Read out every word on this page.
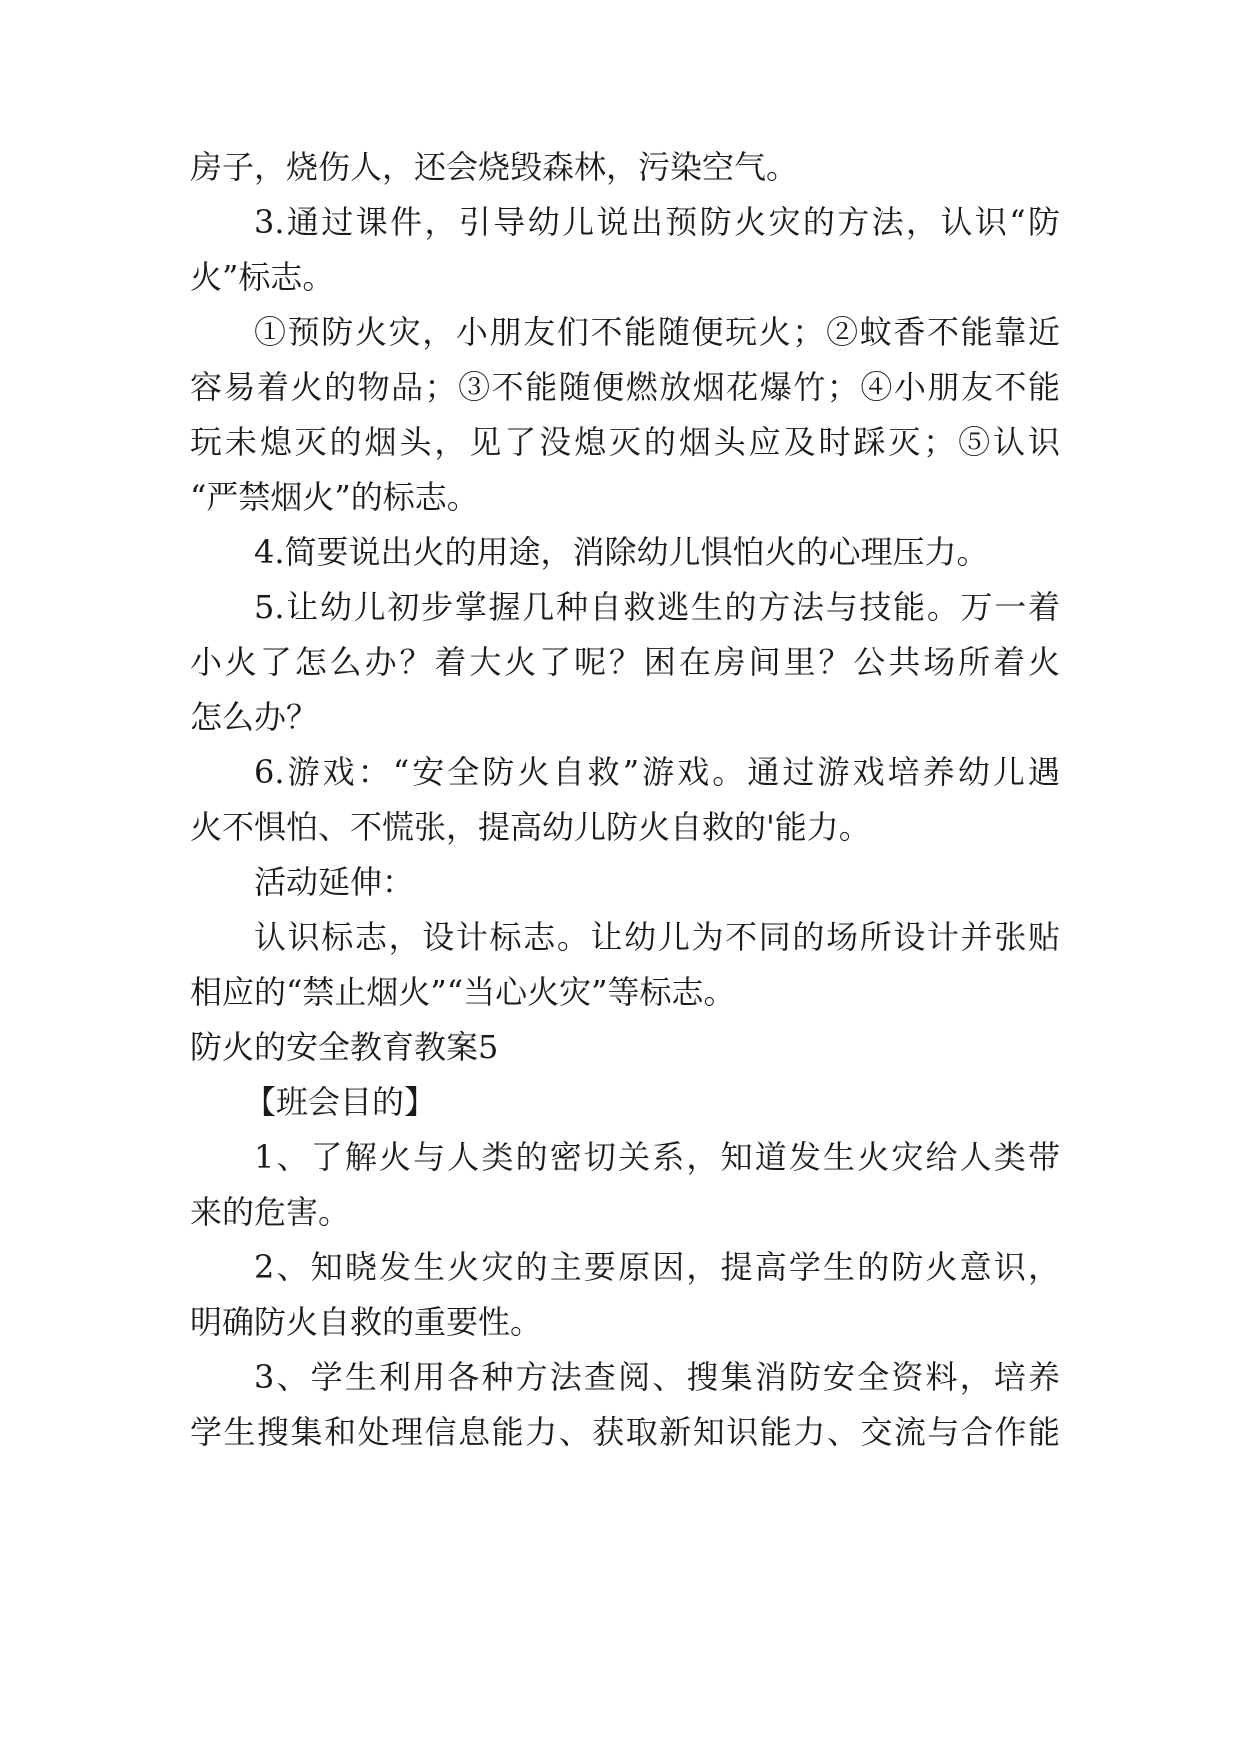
房子，烧伤人，还会烧毁森林，污染空气。
3.通过课件，引导幼儿说出预防火灾的方法，认识“防
火”标志。
①预防火灾，小朋友们不能随便玩火；②蚊香不能靠近
容易着火的物品；③不能随便燃放烟花爆竹；④小朋友不能
玩未熄灭的烟头，见了没熄灭的烟头应及时踩灭；⑤认识
“严禁烟火”的标志。
4.简要说出火的用途，消除幼儿惧怕火的心理压力。
5.让幼儿初步掌握几种自救逃生的方法与技能。万一着
小火了怎么办？着大火了呢？困在房间里？公共场所着火
怎么办？
6.游戏：“安全防火自救”游戏。通过游戏培养幼儿遇
火不惧怕、不慌张，提高幼儿防火自救的'能力。
活动延伸：
认识标志，设计标志。让幼儿为不同的场所设计并张贴
相应的“禁止烟火”“当心火灾”等标志。
防火的安全教育教案5
【班会目的】
1、了解火与人类的密切关系，知道发生火灾给人类带
来的危害。
2、知晓发生火灾的主要原因，提高学生的防火意识，
明确防火自救的重要性。
3、学生利用各种方法查阅、搜集消防安全资料，培养
学生搜集和处理信息能力、获取新知识能力、交流与合作能
